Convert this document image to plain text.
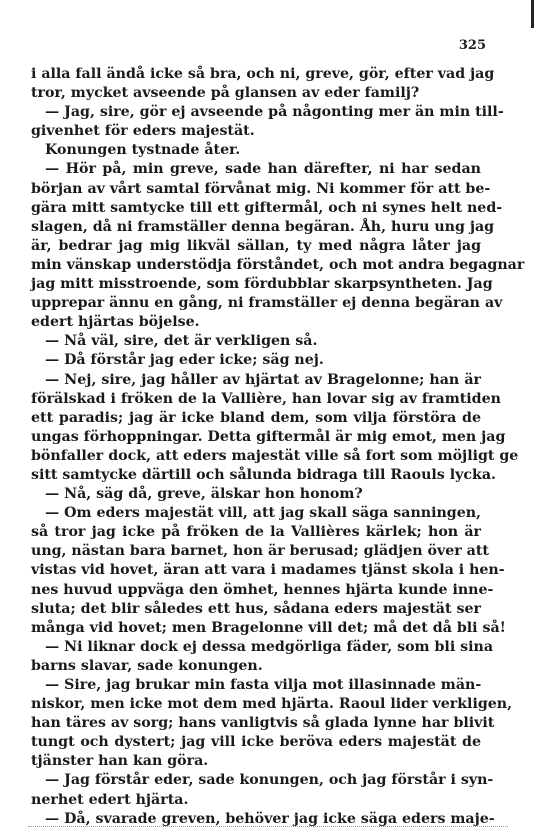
325
i alla fall ändå icke så bra, och ni, greve, gör, efter vad jag
tror, mycket avseende på glansen av eder familj?
— Jag, sire, gör ej avseende på någonting mer än min till-
givenhet för eders majestät.
Konungen tystnade åter.
— Hör på, min greve, sade han därefter, ni har sedan
början av vårt samtal förvånat mig. Ni kommer för att be-
gära mitt samtycke till ett giftermål, och ni synes helt ned-
slagen, då ni framställer denna begäran. Åh, huru ung jag
är, bedrar jag mig likväl sällan, ty med några låter jag
min vänskap understödja förståndet, och mot andra begagnar
jag mitt misstroende, som fördubblar skarpsyntheten. Jag
upprepar ännu en gång, ni framställer ej denna begäran av
edert hjärtas böjelse.
— Nå väl, sire, det är verkligen så.
— Då förstår jag eder icke; säg nej.
— Nej, sire, jag håller av hjärtat av Bragelonne; han är
förälskad i fröken de la Vallière, han lovar sig av framtiden
ett paradis; jag är icke bland dem, som vilja förstöra de
ungas förhoppningar. Detta giftermål är mig emot, men jag
bönfaller dock, att eders majestät ville så fort som möjligt ge
sitt samtycke därtill och sålunda bidraga till Raouls lycka.
— Nå, säg då, greve, älskar hon honom?
— Om eders majestät vill, att jag skall säga sanningen,
så tror jag icke på fröken de la Vallières kärlek; hon är
ung, nästan bara barnet, hon är berusad; glädjen över att
vistas vid hovet, äran att vara i madames tjänst skola i hen-
nes huvud uppväga den ömhet, hennes hjärta kunde inne-
sluta; det blir således ett hus, sådana eders majestät ser
många vid hovet; men Bragelonne vill det; må det då bli så!
— Ni liknar dock ej dessa medgörliga fäder, som bli sina
barns slavar, sade konungen.
— Sire, jag brukar min fasta vilja mot illasinnade män-
niskor, men icke mot dem med hjärta. Raoul lider verkligen,
han täres av sorg; hans vanligtvis så glada lynne har blivit
tungt och dystert; jag vill icke beröva eders majestät de
tjänster han kan göra.
— Jag förstår eder, sade konungen, och jag förstår i syn-
nerhet edert hjärta.
— Då, svarade greven, behöver jag icke säga eders maje-
